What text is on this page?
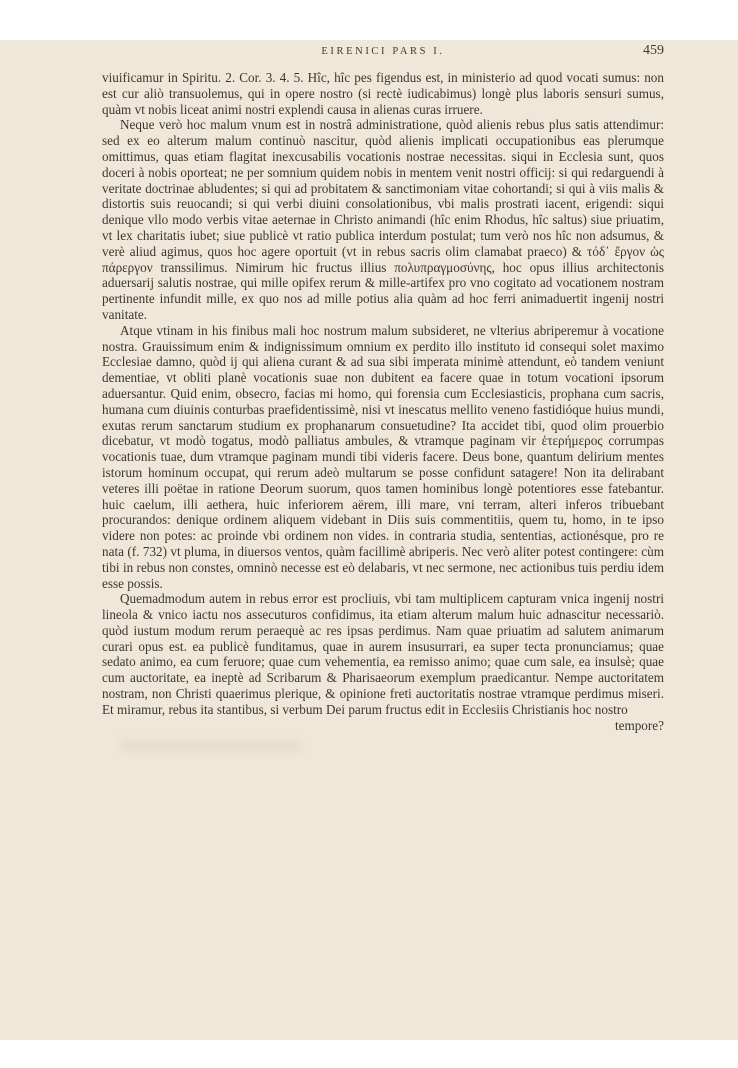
EIRENICI PARS I.	459

viuificamur in Spiritu. 2. Cor. 3. 4. 5. Hîc, hîc pes figendus est, in ministerio ad quod vocati sumus: non est cur aliò transuolemus, qui in opere nostro (si rectè iudicabimus) longè plus laboris sensuri sumus, quàm vt nobis liceat animi nostri explendi causa in alienas curas irruere.

Neque verò hoc malum vnum est in nostrâ administratione, quòd alienis rebus plus satis attendimur: sed ex eo alterum malum continuò nascitur, quòd alienis implicati occupationibus eas plerumque omittimus, quas etiam flagitat inexcusabilis vocationis nostrae necessitas. siqui in Ecclesia sunt, quos doceri à nobis oporteat; ne per somnium quidem nobis in mentem venit nostri officij: si qui redarguendi à veritate doctrinae abludentes; si qui ad probitatem & sanctimoniam vitae cohortandi; si qui à viis malis & distortis suis reuocandi; si qui verbi diuini consolationibus, vbi malis prostrati iacent, erigendi: siqui denique vllo modo verbis vitae aeternae in Christo animandi (hîc enim Rhodus, hîc saltus) siue priuatim, vt lex charitatis iubet; siue publicè vt ratio publica interdum postulat; tum verò nos hîc non adsumus, & verè aliud agimus, quos hoc agere oportuit (vt in rebus sacris olim clamabat praeco) & τόδ᾽ ἔργον ὡς πάρεργον transsilimus. Nimirum hic fructus illius πολυπραγμοσύνης, hoc opus illius architectonis aduersarij salutis nostrae, qui mille opifex rerum & mille-artifex pro vno cogitato ad vocationem nostram pertinente infundit mille, ex quo nos ad mille potius alia quàm ad hoc ferri animaduertit ingenij nostri vanitate.

Atque vtinam in his finibus mali hoc nostrum malum subsideret, ne vlterius abriperemur à vocatione nostra. Grauissimum enim & indignissimum omnium ex perdito illo instituto id consequi solet maximo Ecclesiae damno, quòd ij qui aliena curant & ad sua sibi imperata minimè attendunt, eò tandem veniunt dementiae, vt obliti planè vocationis suae non dubitent ea facere quae in totum vocationi ipsorum aduersantur. Quid enim, obsecro, facias mi homo, qui forensia cum Ecclesiasticis, prophana cum sacris, humana cum diuinis conturbas praefidentissimè, nisi vt inescatus mellito veneno fastidióque huius mundi, exutas rerum sanctarum studium ex prophanarum consuetudine? Ita accidet tibi, quod olim prouerbio dicebatur, vt modò togatus, modò palliatus ambules, & vtramque paginam vir ἑτερήμερος corrumpas vocationis tuae, dum vtramque paginam mundi tibi videris facere. Deus bone, quantum delirium mentes istorum hominum occupat, qui rerum adeò multarum se posse confidunt satagere! Non ita delirabant veteres illi poëtae in ratione Deorum suorum, quos tamen hominibus longè potentiores esse fatebantur. huic caelum, illi aethera, huic inferiorem aërem, illi mare, vni terram, alteri inferos tribuebant procurandos: denique ordinem aliquem videbant in Diis suis commentitiis, quem tu, homo, in te ipso videre non potes: ac proinde vbi ordinem non vides. in contraria studia, sententias, actionésque, pro re nata (f. 732) vt pluma, in diuersos ventos, quàm facillimè abriperis. Nec verò aliter potest contingere: cùm tibi in rebus non constes, omninò necesse est eò delabaris, vt nec sermone, nec actionibus tuis perdiu idem esse possis.

Quemadmodum autem in rebus error est procliuis, vbi tam multiplicem capturam vnica ingenij nostri lineola & vnico iactu nos assecuturos confidimus, ita etiam alterum malum huic adnascitur necessariò. quòd iustum modum rerum peraequè ac res ipsas perdimus. Nam quae priuatim ad salutem animarum curari opus est. ea publicè funditamus, quae in aurem insusurrari, ea super tecta pronunciamus; quae sedato animo, ea cum feruore; quae cum vehementia, ea remisso animo; quae cum sale, ea insulsè; quae cum auctoritate, ea ineptè ad Scribarum & Pharisaeorum exemplum praedicantur. Nempe auctoritatem nostram, non Christi quaerimus plerique, & opinione freti auctoritatis nostrae vtramque perdimus miseri. Et miramur, rebus ita stantibus, si verbum Dei parum fructus edit in Ecclesiis Christianis hoc nostro

tempore?
